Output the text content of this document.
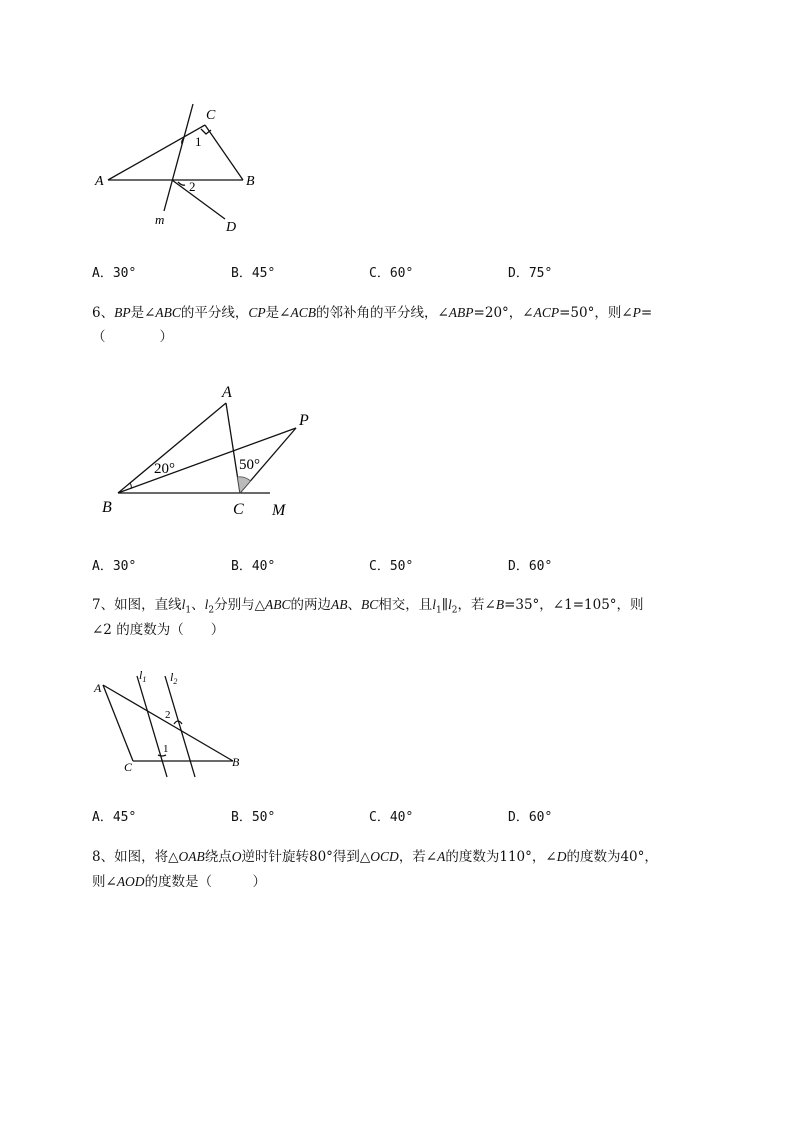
A	B
C
D
m
1
2
A．30°	B．45°	C．60°	D．75°
6、BP是∠ABC的平分线，CP是∠ACB的邻补角的平分线，∠ABP=20°，∠ACP=50°，则∠P=
（　　　　）
A
B	C M
P
20°	50°
A．30°	B．40°	C．50°	D．60°
7、如图，直线$l_1$、$l_2$分别与△ABC的两边AB、BC相交，且$l_1\parallel l_2$，若∠B=35°，∠1=105°，则
∠2 的度数为（　　）
A
B
C
$l_1$ $l_2$
1
2
A．45°	B．50°	C．40°	D．60°
8、如图，将△OAB绕点O逆时针旋转80°得到△OCD，若∠A的度数为110°，∠D的度数为40°，
则∠AOD的度数是（　　　）
